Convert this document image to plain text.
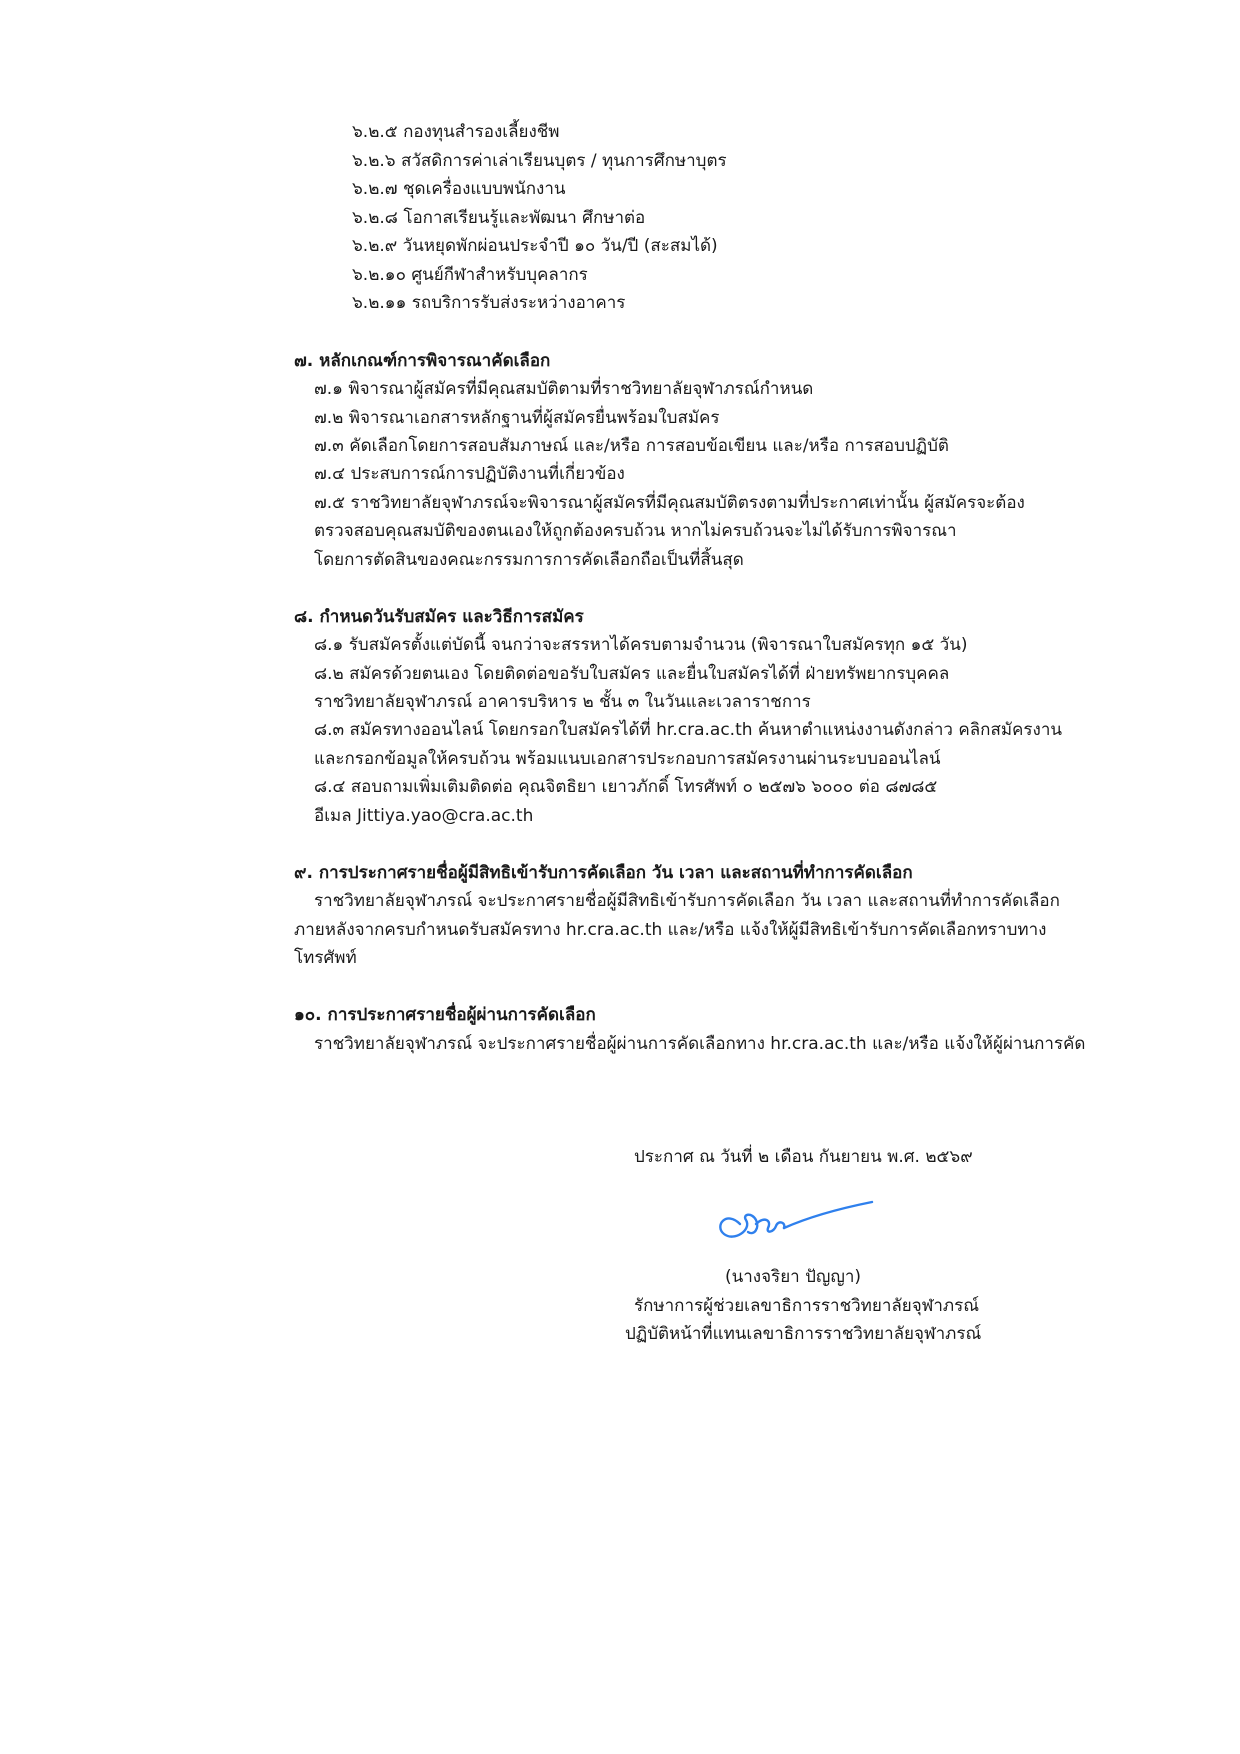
๖.๒.๕ กองทุนสำรองเลี้ยงชีพ
๖.๒.๖ สวัสดิการค่าเล่าเรียนบุตร / ทุนการศึกษาบุตร
๖.๒.๗ ชุดเครื่องแบบพนักงาน
๖.๒.๘ โอกาสเรียนรู้และพัฒนา ศึกษาต่อ
๖.๒.๙ วันหยุดพักผ่อนประจำปี ๑๐ วัน/ปี (สะสมได้)
๖.๒.๑๐ ศูนย์กีฬาสำหรับบุคลากร
๖.๒.๑๑ รถบริการรับส่งระหว่างอาคาร
๗. หลักเกณฑ์การพิจารณาคัดเลือก
๗.๑ พิจารณาผู้สมัครที่มีคุณสมบัติตามที่ราชวิทยาลัยจุฬาภรณ์กำหนด
๗.๒ พิจารณาเอกสารหลักฐานที่ผู้สมัครยื่นพร้อมใบสมัคร
๗.๓ คัดเลือกโดยการสอบสัมภาษณ์ และ/หรือ การสอบข้อเขียน และ/หรือ การสอบปฏิบัติ
๗.๔ ประสบการณ์การปฏิบัติงานที่เกี่ยวข้อง
๗.๕ ราชวิทยาลัยจุฬาภรณ์จะพิจารณาผู้สมัครที่มีคุณสมบัติตรงตามที่ประกาศเท่านั้น ผู้สมัครจะต้อง
ตรวจสอบคุณสมบัติของตนเองให้ถูกต้องครบถ้วน หากไม่ครบถ้วนจะไม่ได้รับการพิจารณา
โดยการตัดสินของคณะกรรมการการคัดเลือกถือเป็นที่สิ้นสุด
๘. กำหนดวันรับสมัคร และวิธีการสมัคร
๘.๑ รับสมัครตั้งแต่บัดนี้ จนกว่าจะสรรหาได้ครบตามจำนวน (พิจารณาใบสมัครทุก ๑๕ วัน)
๘.๒ สมัครด้วยตนเอง โดยติดต่อขอรับใบสมัคร และยื่นใบสมัครได้ที่ ฝ่ายทรัพยากรบุคคล
ราชวิทยาลัยจุฬาภรณ์ อาคารบริหาร ๒ ชั้น ๓ ในวันและเวลาราชการ
๘.๓ สมัครทางออนไลน์ โดยกรอกใบสมัครได้ที่ hr.cra.ac.th ค้นหาตำแหน่งงานดังกล่าว คลิกสมัครงาน
และกรอกข้อมูลให้ครบถ้วน พร้อมแนบเอกสารประกอบการสมัครงานผ่านระบบออนไลน์
๘.๔ สอบถามเพิ่มเติมติดต่อ คุณจิตธิยา เยาวภักดิ์ โทรศัพท์ ๐ ๒๕๗๖ ๖๐๐๐ ต่อ ๘๗๘๕
อีเมล Jittiya.yao@cra.ac.th
๙. การประกาศรายชื่อผู้มีสิทธิเข้ารับการคัดเลือก วัน เวลา และสถานที่ทำการคัดเลือก
ราชวิทยาลัยจุฬาภรณ์ จะประกาศรายชื่อผู้มีสิทธิเข้ารับการคัดเลือก วัน เวลา และสถานที่ทำการคัดเลือก
ภายหลังจากครบกำหนดรับสมัครทาง hr.cra.ac.th และ/หรือ แจ้งให้ผู้มีสิทธิเข้ารับการคัดเลือกทราบทาง
โทรศัพท์
๑๐. การประกาศรายชื่อผู้ผ่านการคัดเลือก
ราชวิทยาลัยจุฬาภรณ์ จะประกาศรายชื่อผู้ผ่านการคัดเลือกทาง hr.cra.ac.th และ/หรือ แจ้งให้ผู้ผ่านการคัด
ประกาศ ณ วันที่ ๒ เดือน กันยายน พ.ศ. ๒๕๖๙
(นางจริยา ปัญญา)
รักษาการผู้ช่วยเลขาธิการราชวิทยาลัยจุฬาภรณ์
ปฏิบัติหน้าที่แทนเลขาธิการราชวิทยาลัยจุฬาภรณ์
